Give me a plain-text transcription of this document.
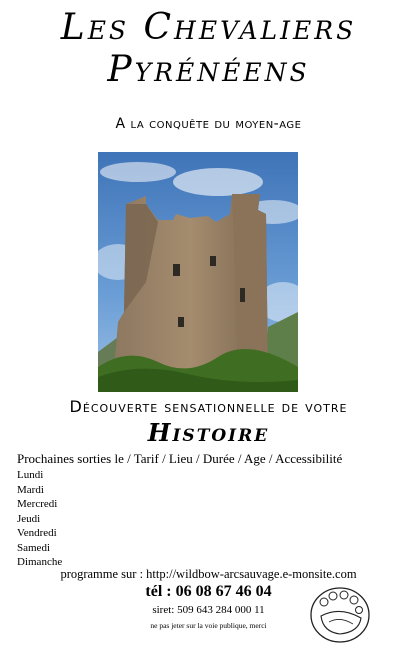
Les Chevaliers
Pyrénéens
A la conquête du moyen-age
Découverte sensationnelle de votre
Histoire
Prochaines sorties le / Tarif / Lieu / Durée / Age / Accessibilité
Lundi
Mardi
Mercredi
Jeudi
Vendredi
Samedi
Dimanche
programme sur : http://wildbow-arcsauvage.e-monsite.com
tél : 06 08 67 46 04
siret: 509 643 284 000 11
ne pas jeter sur la voie publique, merci
